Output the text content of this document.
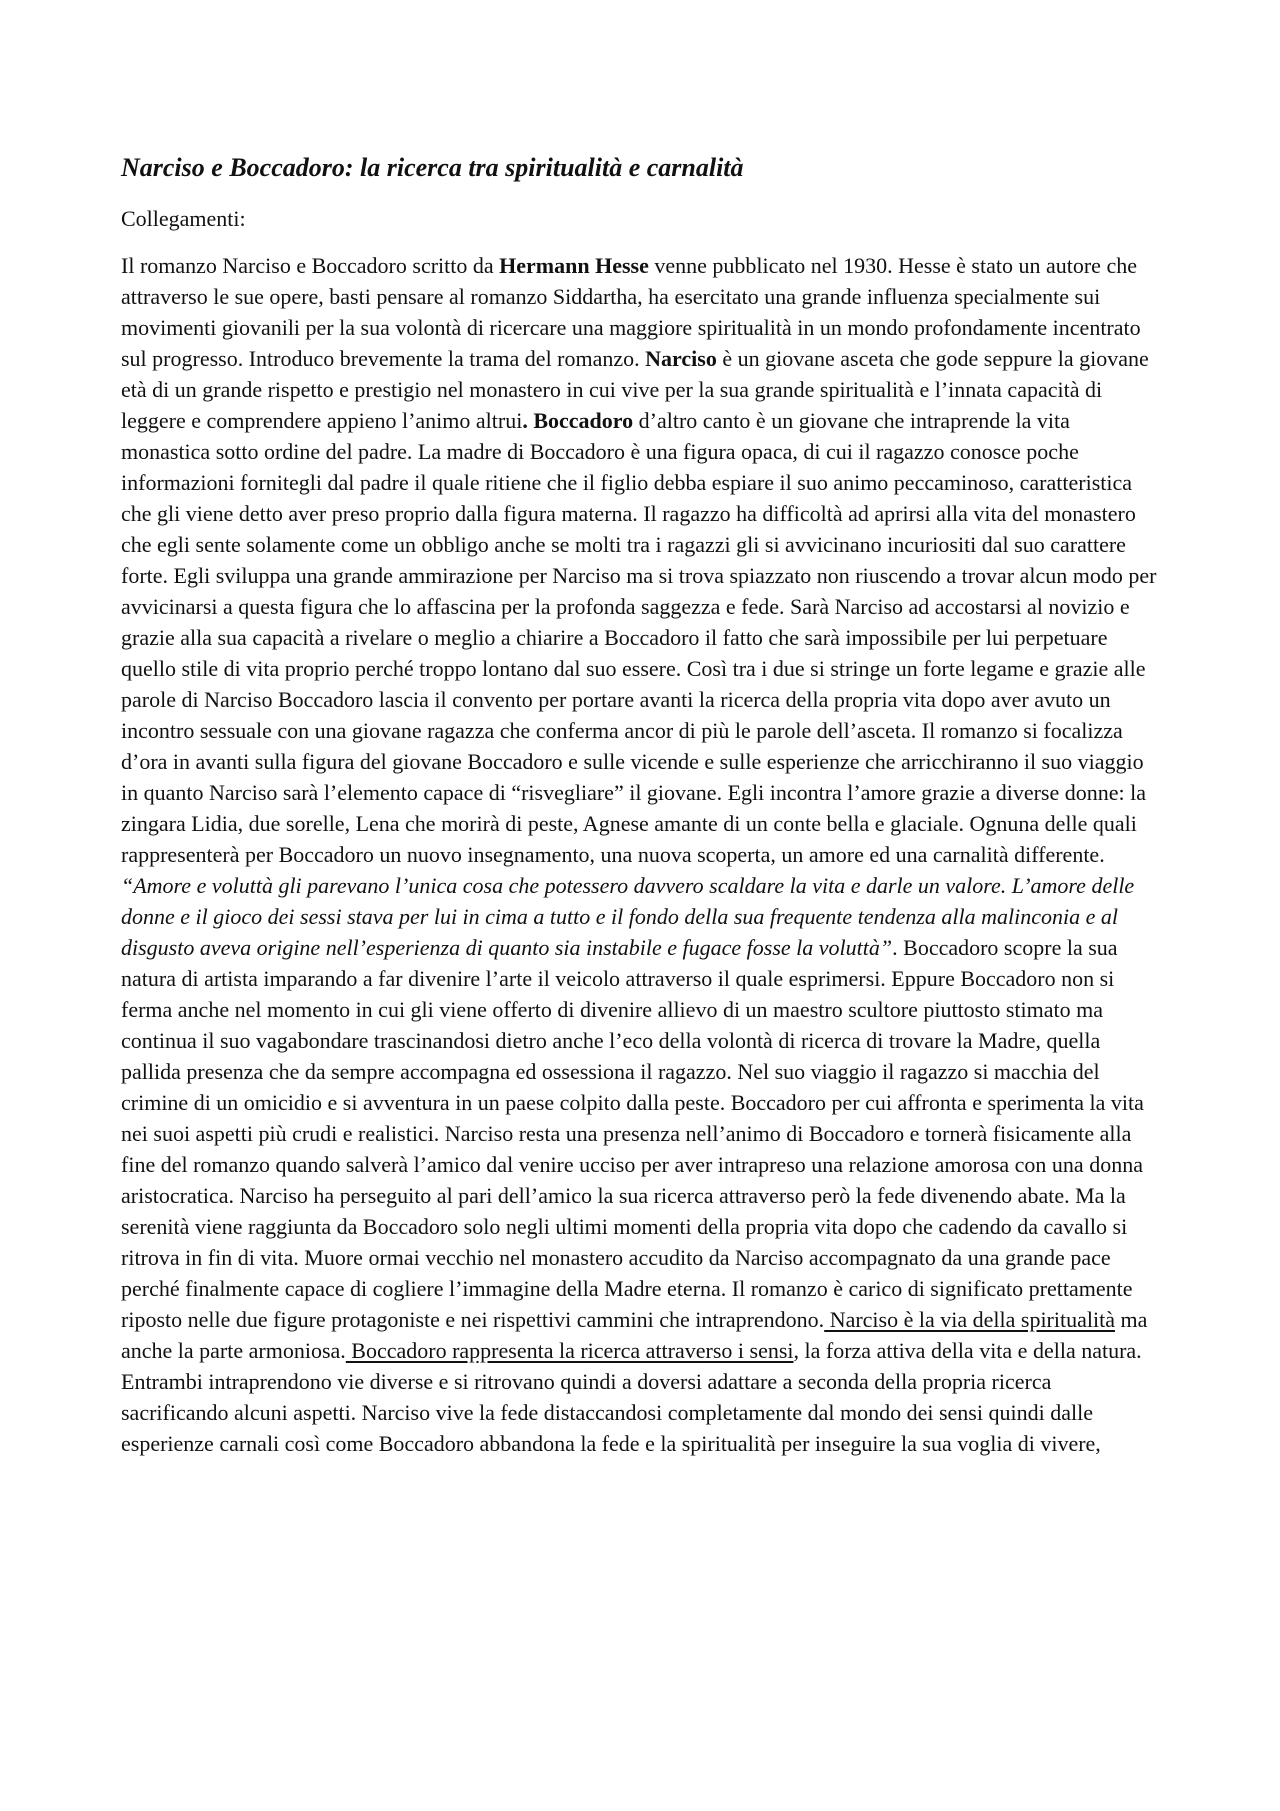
Narciso e Boccadoro: la ricerca tra spiritualità e carnalità

Collegamenti:

Il romanzo Narciso e Boccadoro scritto da Hermann Hesse venne pubblicato nel 1930. Hesse è stato un autore che attraverso le sue opere, basti pensare al romanzo Siddartha, ha esercitato una grande influenza specialmente sui movimenti giovanili per la sua volontà di ricercare una maggiore spiritualità in un mondo profondamente incentrato sul progresso. Introduco brevemente la trama del romanzo. Narciso è un giovane asceta che gode seppure la giovane età di un grande rispetto e prestigio nel monastero in cui vive per la sua grande spiritualità e l’innata capacità di leggere e comprendere appieno l’animo altrui. Boccadoro d’altro canto è un giovane che intraprende la vita monastica sotto ordine del padre. La madre di Boccadoro è una figura opaca, di cui il ragazzo conosce poche informazioni fornitegli dal padre il quale ritiene che il figlio debba espiare il suo animo peccaminoso, caratteristica che gli viene detto aver preso proprio dalla figura materna. Il ragazzo ha difficoltà ad aprirsi alla vita del monastero che egli sente solamente come un obbligo anche se molti tra i ragazzi gli si avvicinano incuriositi dal suo carattere forte. Egli sviluppa una grande ammirazione per Narciso ma si trova spiazzato non riuscendo a trovar alcun modo per avvicinarsi a questa figura che lo affascina per la profonda saggezza e fede. Sarà Narciso ad accostarsi al novizio e grazie alla sua capacità a rivelare o meglio a chiarire a Boccadoro il fatto che sarà impossibile per lui perpetuare quello stile di vita proprio perché troppo lontano dal suo essere. Così tra i due si stringe un forte legame e grazie alle parole di Narciso Boccadoro lascia il convento per portare avanti la ricerca della propria vita dopo aver avuto un incontro sessuale con una giovane ragazza che conferma ancor di più le parole dell’asceta. Il romanzo si focalizza d’ora in avanti sulla figura del giovane Boccadoro e sulle vicende e sulle esperienze che arricchiranno il suo viaggio in quanto Narciso sarà l’elemento capace di “risvegliare” il giovane. Egli incontra l’amore grazie a diverse donne: la zingara Lidia, due sorelle, Lena che morirà di peste, Agnese amante di un conte bella e glaciale. Ognuna delle quali rappresenterà per Boccadoro un nuovo insegnamento, una nuova scoperta, un amore ed una carnalità differente. “Amore e voluttà gli parevano l’unica cosa che potessero davvero scaldare la vita e darle un valore. L’amore delle donne e il gioco dei sessi stava per lui in cima a tutto e il fondo della sua frequente tendenza alla malinconia e al disgusto aveva origine nell’esperienza di quanto sia instabile e fugace fosse la voluttà”. Boccadoro scopre la sua natura di artista imparando a far divenire l’arte il veicolo attraverso il quale esprimersi. Eppure Boccadoro non si ferma anche nel momento in cui gli viene offerto di divenire allievo di un maestro scultore piuttosto stimato ma continua il suo vagabondare trascinandosi dietro anche l’eco della volontà di ricerca di trovare la Madre, quella pallida presenza che da sempre accompagna ed ossessiona il ragazzo. Nel suo viaggio il ragazzo si macchia del crimine di un omicidio e si avventura in un paese colpito dalla peste. Boccadoro per cui affronta e sperimenta la vita nei suoi aspetti più crudi e realistici. Narciso resta una presenza nell’animo di Boccadoro e tornerà fisicamente alla fine del romanzo quando salverà l’amico dal venire ucciso per aver intrapreso una relazione amorosa con una donna aristocratica. Narciso ha perseguito al pari dell’amico la sua ricerca attraverso però la fede divenendo abate. Ma la serenità viene raggiunta da Boccadoro solo negli ultimi momenti della propria vita dopo che cadendo da cavallo si ritrova in fin di vita. Muore ormai vecchio nel monastero accudito da Narciso accompagnato da una grande pace perché finalmente capace di cogliere l’immagine della Madre eterna. Il romanzo è carico di significato prettamente riposto nelle due figure protagoniste e nei rispettivi cammini che intraprendono. Narciso è la via della spiritualità ma anche la parte armoniosa. Boccadoro rappresenta la ricerca attraverso i sensi, la forza attiva della vita e della natura. Entrambi intraprendono vie diverse e si ritrovano quindi a doversi adattare a seconda della propria ricerca sacrificando alcuni aspetti. Narciso vive la fede distaccandosi completamente dal mondo dei sensi quindi dalle esperienze carnali così come Boccadoro abbandona la fede e la spiritualità per inseguire la sua voglia di vivere,
